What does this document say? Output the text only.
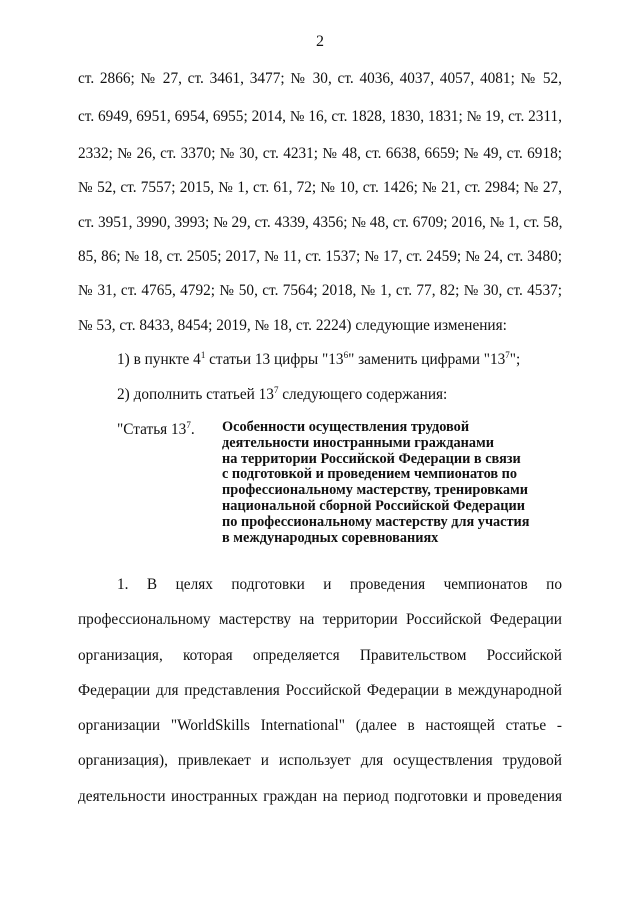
2
ст. 2866; № 27, ст. 3461, 3477; № 30, ст. 4036, 4037, 4057, 4081; № 52,
ст. 6949, 6951, 6954, 6955; 2014, № 16, ст. 1828, 1830, 1831; № 19, ст. 2311,
2332; № 26, ст. 3370; № 30, ст. 4231; № 48, ст. 6638, 6659; № 49, ст. 6918;
№ 52, ст. 7557; 2015, № 1, ст. 61, 72; № 10, ст. 1426; № 21, ст. 2984; № 27,
ст. 3951, 3990, 3993; № 29, ст. 4339, 4356; № 48, ст. 6709; 2016, № 1, ст. 58,
85, 86; № 18, ст. 2505; 2017, № 11, ст. 1537; № 17, ст. 2459; № 24, ст. 3480;
№ 31, ст. 4765, 4792; № 50, ст. 7564; 2018, № 1, ст. 77, 82; № 30, ст. 4537;
№ 53, ст. 8433, 8454; 2019, № 18, ст. 2224) следующие изменения:
1) в пункте $4^1$ статьи 13 цифры "$13^6$" заменить цифрами "$13^7$";
2) дополнить статьей $13^7$ следующего содержания:
"Статья $13^7$. Особенности осуществления трудовой
деятельности иностранными гражданами
на территории Российской Федерации в связи
с подготовкой и проведением чемпионатов по
профессиональному мастерству, тренировками
национальной сборной Российской Федерации
по профессиональному мастерству для участия
в международных соревнованиях
1. В целях подготовки и проведения чемпионатов по
профессиональному мастерству на территории Российской Федерации
организация, которая определяется Правительством Российской
Федерации для представления Российской Федерации в международной
организации "WorldSkills International" (далее в настоящей статье -
организация), привлекает и использует для осуществления трудовой
деятельности иностранных граждан на период подготовки и проведения
